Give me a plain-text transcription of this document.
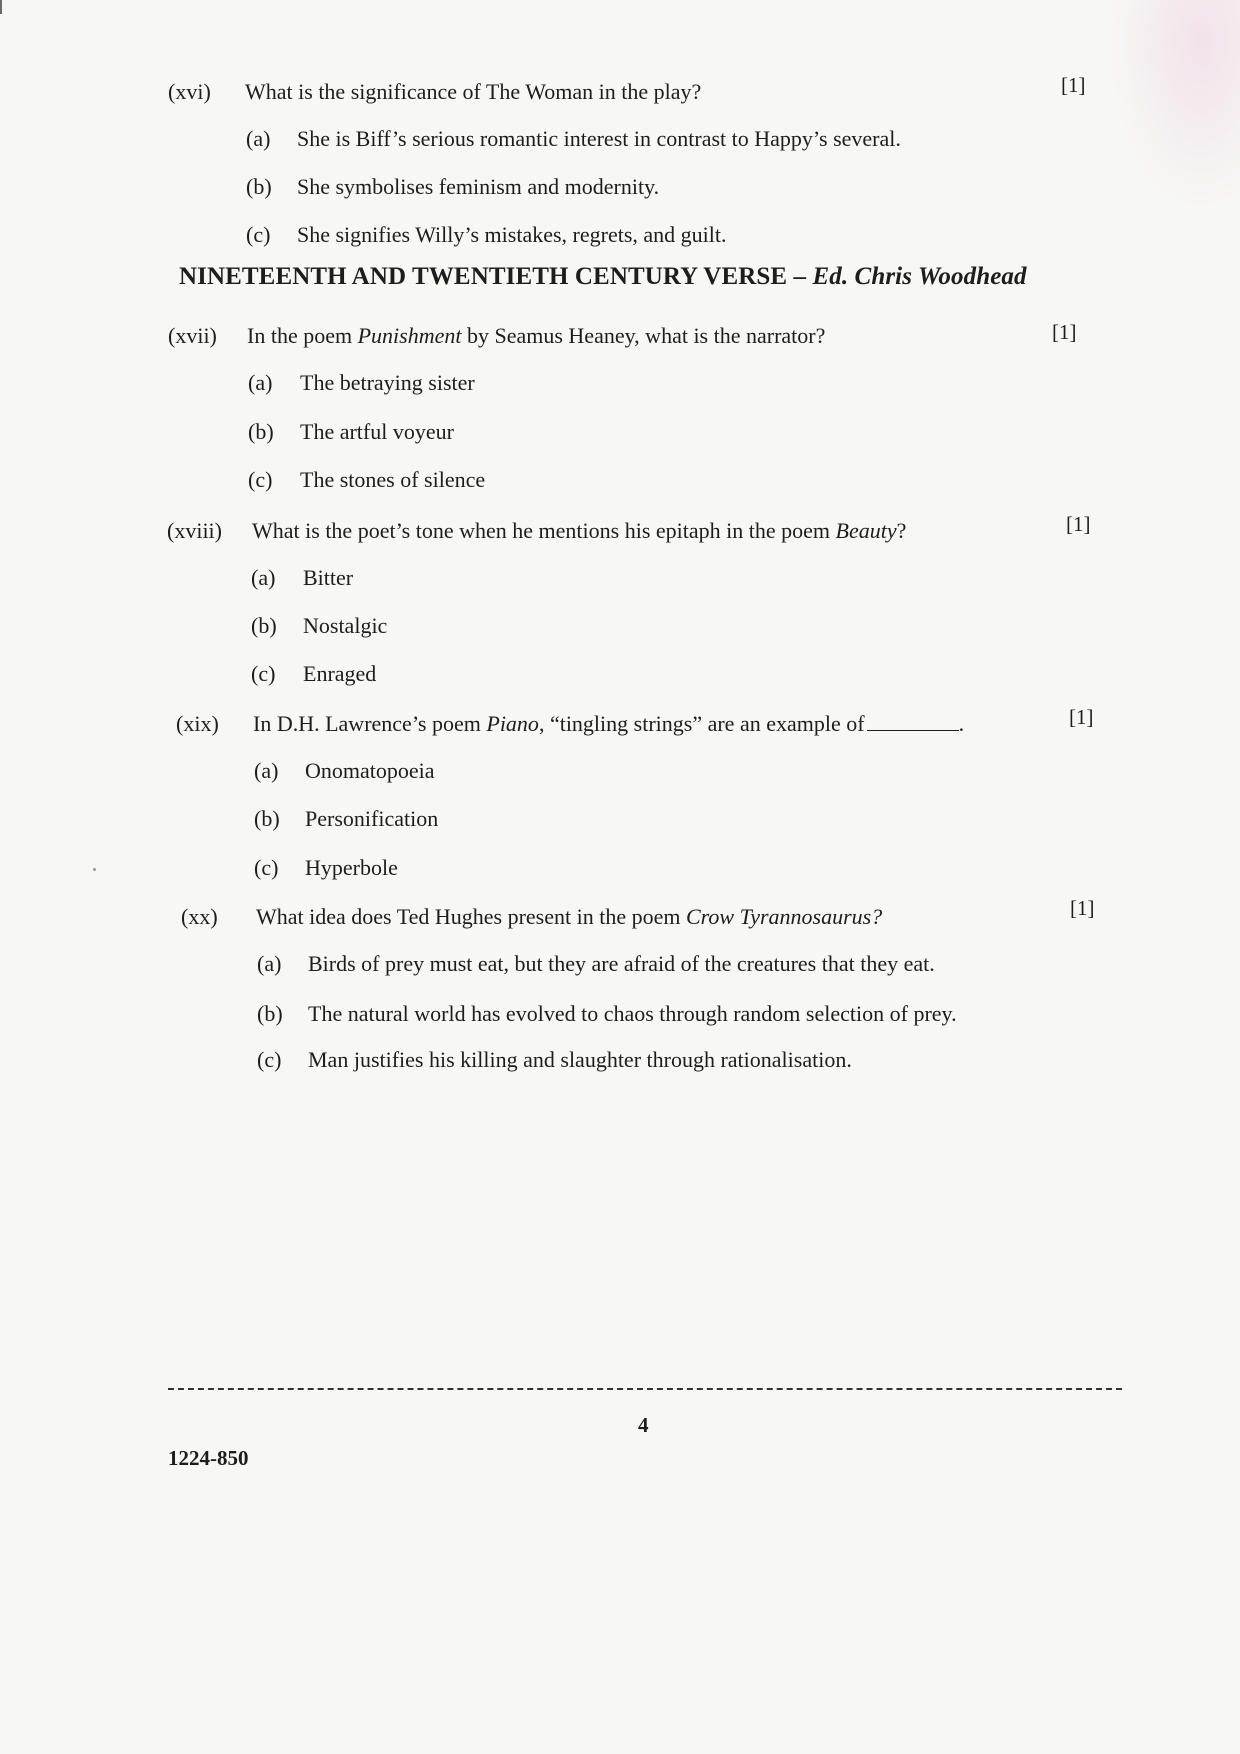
(xvi) What is the significance of The Woman in the play?	[1]
(a) She is Biff’s serious romantic interest in contrast to Happy’s several.
(b) She symbolises feminism and modernity.
(c) She signifies Willy’s mistakes, regrets, and guilt.
NINETEENTH AND TWENTIETH CENTURY VERSE – Ed. Chris Woodhead
(xvii) In the poem Punishment by Seamus Heaney, what is the narrator?	[1]
(a) The betraying sister
(b) The artful voyeur
(c) The stones of silence
(xviii) What is the poet’s tone when he mentions his epitaph in the poem Beauty?	[1]
(a) Bitter
(b) Nostalgic
(c) Enraged
(xix) In D.H. Lawrence’s poem Piano, “tingling strings” are an example of	.	[1]
(a) Onomatopoeia
(b) Personification
(c) Hyperbole
(xx) What idea does Ted Hughes present in the poem Crow Tyrannosaurus?	[1]
(a) Birds of prey must eat, but they are afraid of the creatures that they eat.
(b) The natural world has evolved to chaos through random selection of prey.
(c) Man justifies his killing and slaughter through rationalisation.
4
1224-850
